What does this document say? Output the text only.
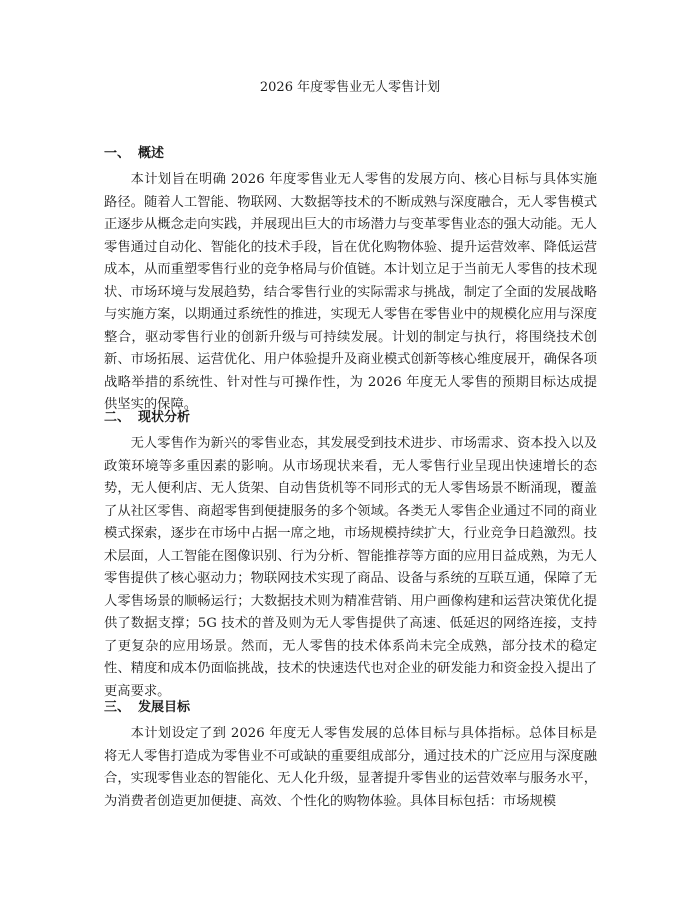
2026 年度零售业无人零售计划
一、 概述

本计划旨在明确 2026 年度零售业无人零售的发展方向、核心目标与具体实施路径。随着人工智能、物联网、大数据等技术的不断成熟与深度融合，无人零售模式正逐步从概念走向实践，并展现出巨大的市场潜力与变革零售业态的强大动能。无人零售通过自动化、智能化的技术手段，旨在优化购物体验、提升运营效率、降低运营成本，从而重塑零售行业的竞争格局与价值链。本计划立足于当前无人零售的技术现状、市场环境与发展趋势，结合零售行业的实际需求与挑战，制定了全面的发展战略与实施方案，以期通过系统性的推进，实现无人零售在零售业中的规模化应用与深度整合，驱动零售行业的创新升级与可持续发展。计划的制定与执行，将围绕技术创新、市场拓展、运营优化、用户体验提升及商业模式创新等核心维度展开，确保各项战略举措的系统性、针对性与可操作性，为 2026 年度无人零售的预期目标达成提供坚实的保障。

二、 现状分析

无人零售作为新兴的零售业态，其发展受到技术进步、市场需求、资本投入以及政策环境等多重因素的影响。从市场现状来看，无人零售行业呈现出快速增长的态势，无人便利店、无人货架、自动售货机等不同形式的无人零售场景不断涌现，覆盖了从社区零售、商超零售到便捷服务的多个领域。各类无人零售企业通过不同的商业模式探索，逐步在市场中占据一席之地，市场规模持续扩大，行业竞争日趋激烈。技术层面，人工智能在图像识别、行为分析、智能推荐等方面的应用日益成熟，为无人零售提供了核心驱动力；物联网技术实现了商品、设备与系统的互联互通，保障了无人零售场景的顺畅运行；大数据技术则为精准营销、用户画像构建和运营决策优化提供了数据支撑；5G 技术的普及则为无人零售提供了高速、低延迟的网络连接，支持了更复杂的应用场景。然而，无人零售的技术体系尚未完全成熟，部分技术的稳定性、精度和成本仍面临挑战，技术的快速迭代也对企业的研发能力和资金投入提出了更高要求。

三、 发展目标

本计划设定了到 2026 年度无人零售发展的总体目标与具体指标。总体目标是将无人零售打造成为零售业不可或缺的重要组成部分，通过技术的广泛应用与深度融合，实现零售业态的智能化、无人化升级，显著提升零售业的运营效率与服务水平，为消费者创造更加便捷、高效、个性化的购物体验。具体目标包括：市场规模
